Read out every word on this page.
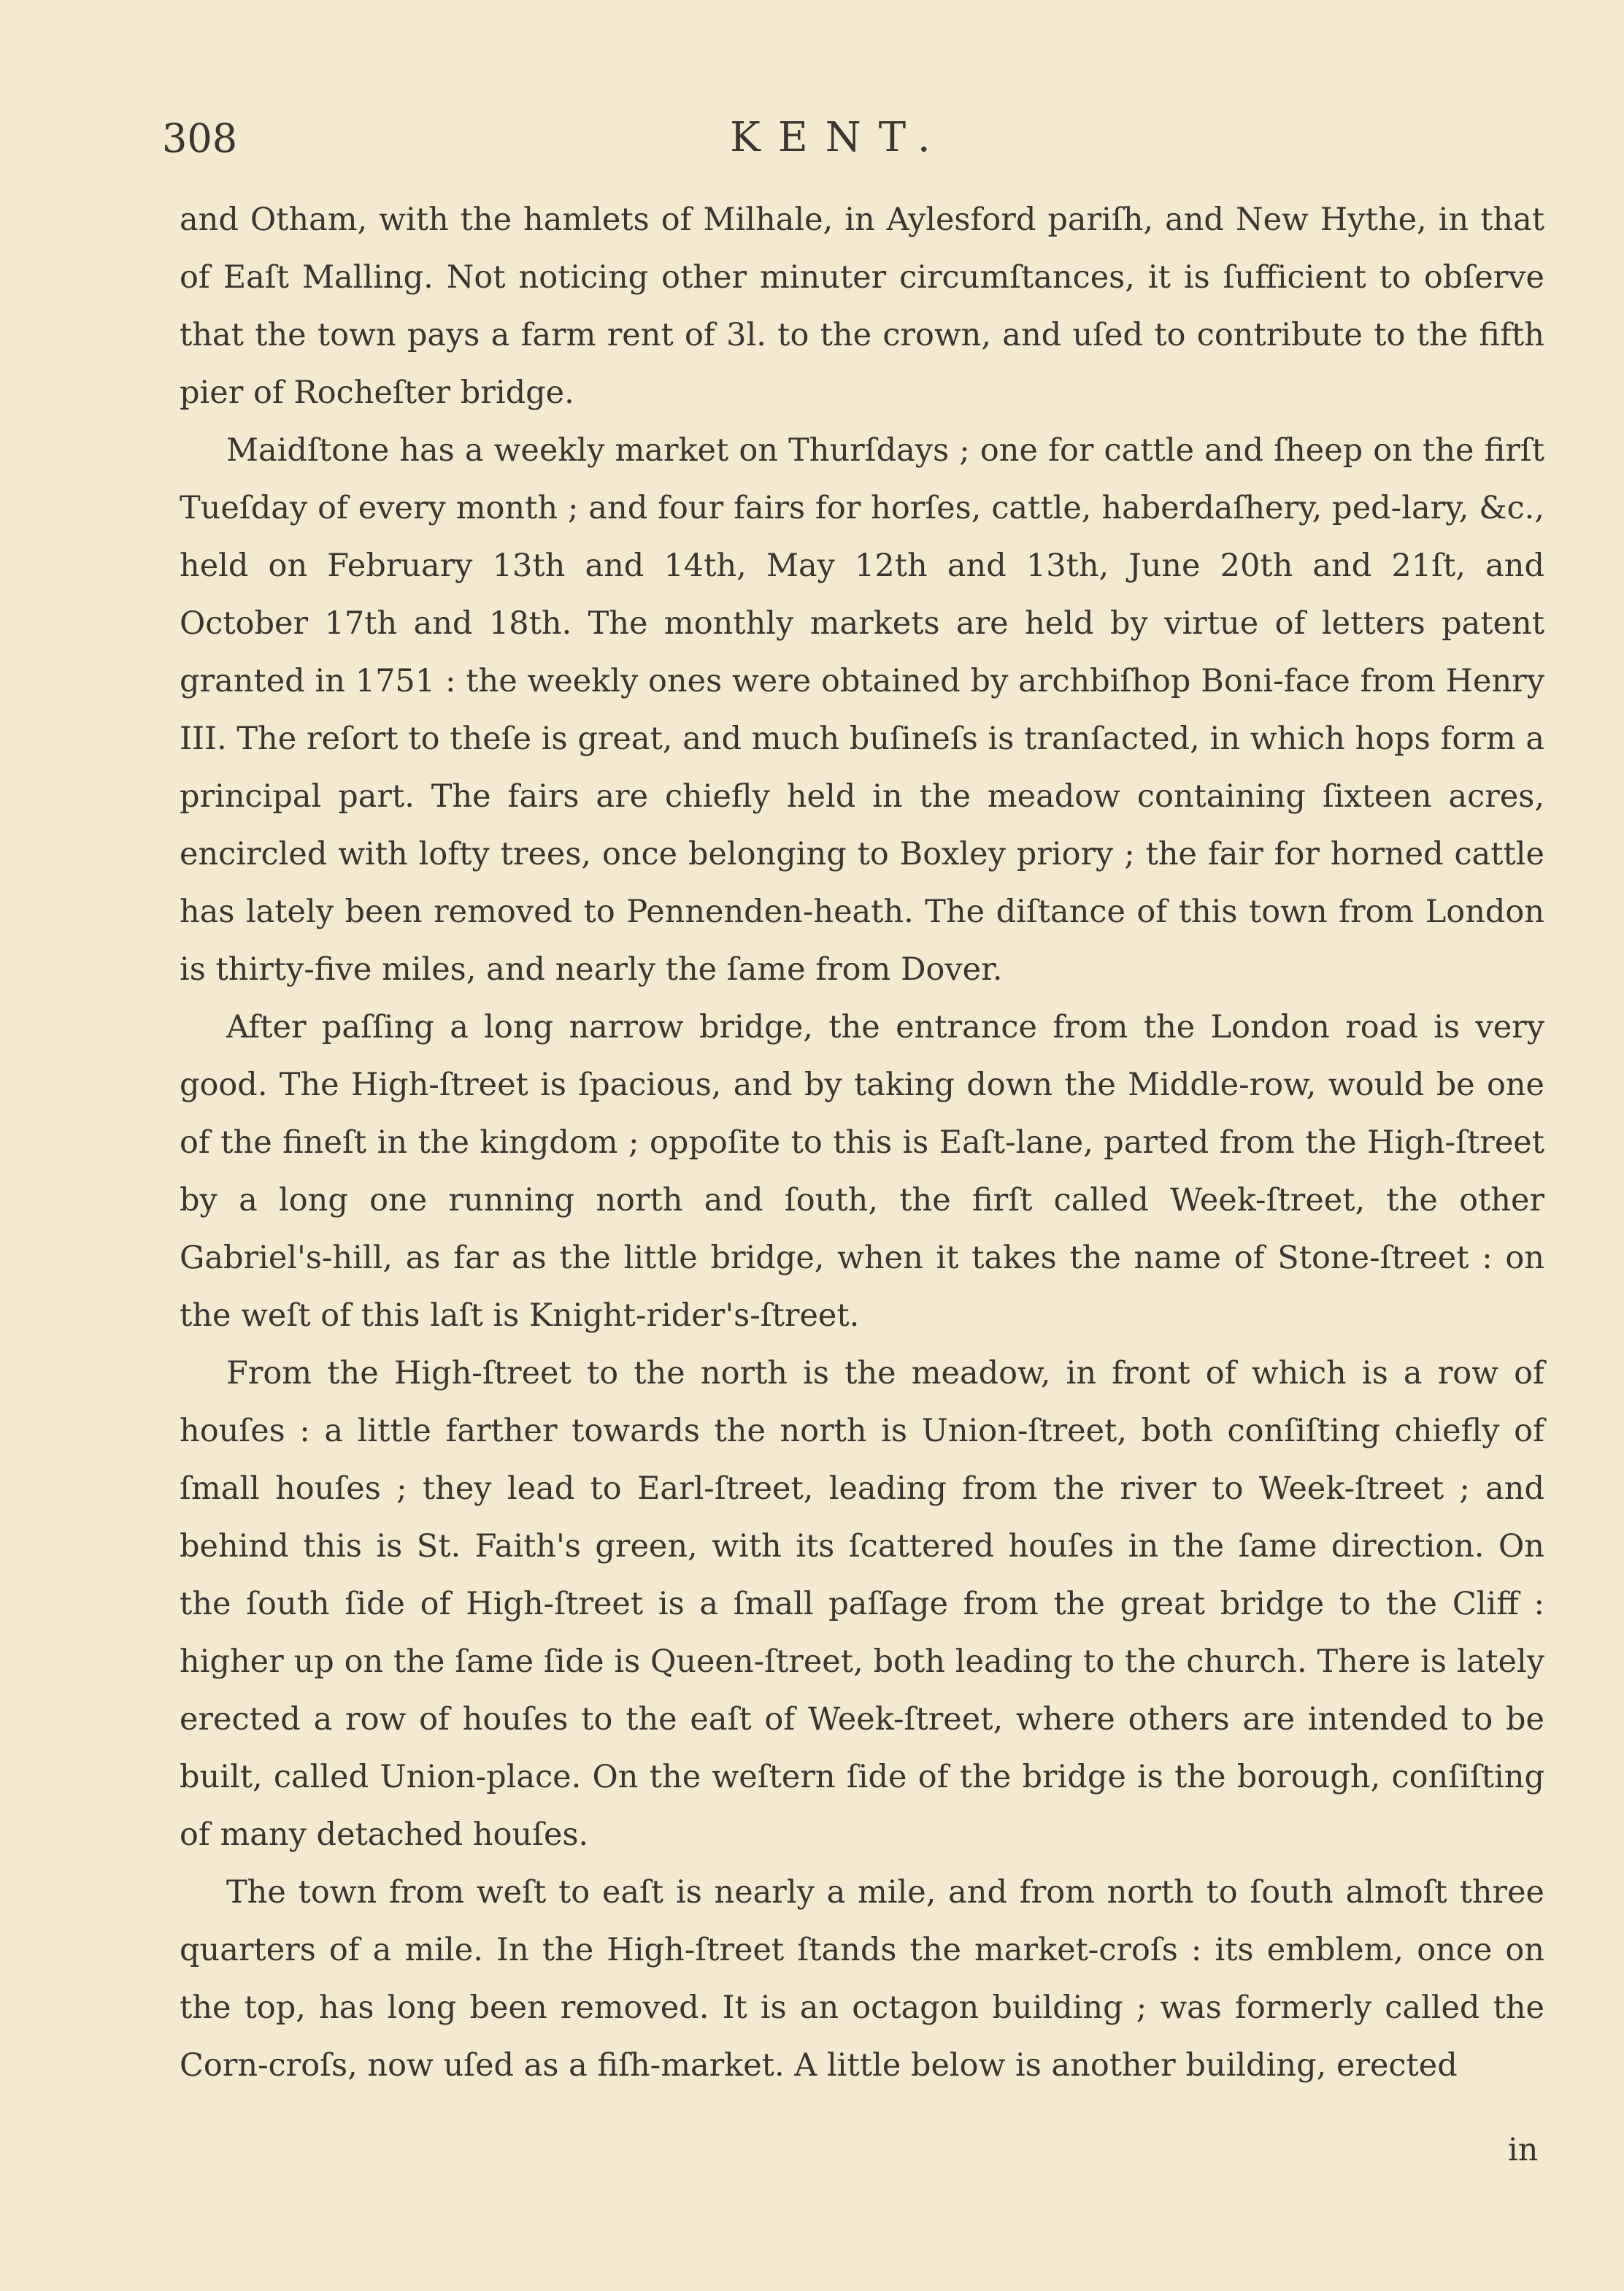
308	KENT.

and Otham, with the hamlets of Milhale, in Aylesford pariſh, and New Hythe, in that of Eaſt Malling. Not noticing other minuter circumſtances, it is ſufficient to obſerve that the town pays a farm rent of 3l. to the crown, and uſed to contribute to the fifth pier of Rocheſter bridge.

Maidſtone has a weekly market on Thurſdays ; one for cattle and ſheep on the firſt Tueſday of every month ; and four fairs for horſes, cattle, haberdaſhery, ped-lary, &c., held on February 13th and 14th, May 12th and 13th, June 20th and 21ſt, and October 17th and 18th. The monthly markets are held by virtue of letters patent granted in 1751 : the weekly ones were obtained by archbiſhop Boni-face from Henry III. The reſort to theſe is great, and much buſineſs is tranſacted, in which hops form a principal part. The fairs are chiefly held in the meadow containing ſixteen acres, encircled with lofty trees, once belonging to Boxley priory ; the fair for horned cattle has lately been removed to Pennenden-heath. The diſtance of this town from London is thirty-five miles, and nearly the ſame from Dover.

After paſſing a long narrow bridge, the entrance from the London road is very good. The High-ſtreet is ſpacious, and by taking down the Middle-row, would be one of the fineſt in the kingdom ; oppoſite to this is Eaſt-lane, parted from the High-ſtreet by a long one running north and ſouth, the firſt called Week-ſtreet, the other Gabriel's-hill, as far as the little bridge, when it takes the name of Stone-ſtreet : on the weſt of this laſt is Knight-rider's-ſtreet.

From the High-ſtreet to the north is the meadow, in front of which is a row of houſes : a little farther towards the north is Union-ſtreet, both conſiſting chiefly of ſmall houſes ; they lead to Earl-ſtreet, leading from the river to Week-ſtreet ; and behind this is St. Faith's green, with its ſcattered houſes in the ſame direction. On the ſouth ſide of High-ſtreet is a ſmall paſſage from the great bridge to the Cliff : higher up on the ſame ſide is Queen-ſtreet, both leading to the church. There is lately erected a row of houſes to the eaſt of Week-ſtreet, where others are intended to be built, called Union-place. On the weſtern ſide of the bridge is the borough, conſiſting of many detached houſes.

The town from weſt to eaſt is nearly a mile, and from north to ſouth almoſt three quarters of a mile. In the High-ſtreet ſtands the market-croſs : its emblem, once on the top, has long been removed. It is an octagon building ; was formerly called the Corn-croſs, now uſed as a fiſh-market. A little below is another building, erected

in
